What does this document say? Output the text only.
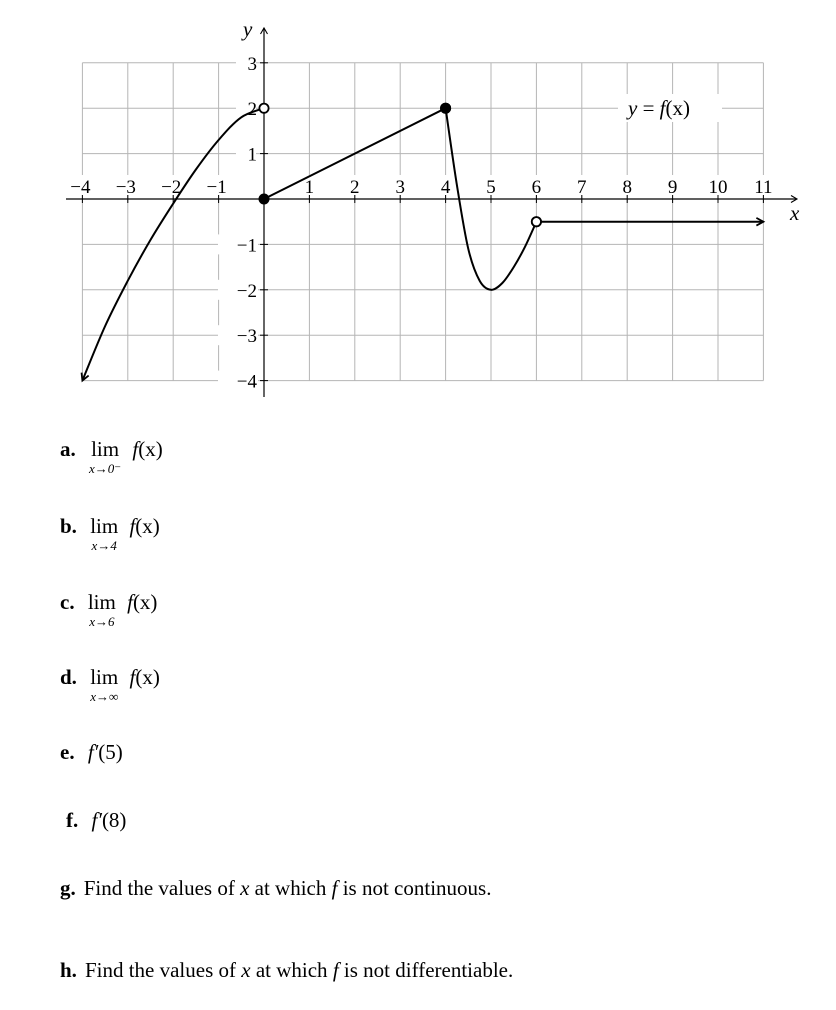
−4 −3 −2 −1	1 2 3 4 5 6 7 8 9 10 11
3
2
1
−1
−2
−3
−4
y = f(x)
x
y
a. lim
x→0⁻
f(x)
b. lim
x→4
f(x)
c. lim
x→6
f(x)
d. lim
x→∞
f(x)
e. f′(5)
f. f′(8)
g. Find the values of x at which f is not continuous.
h. Find the values of x at which f is not differentiable.
